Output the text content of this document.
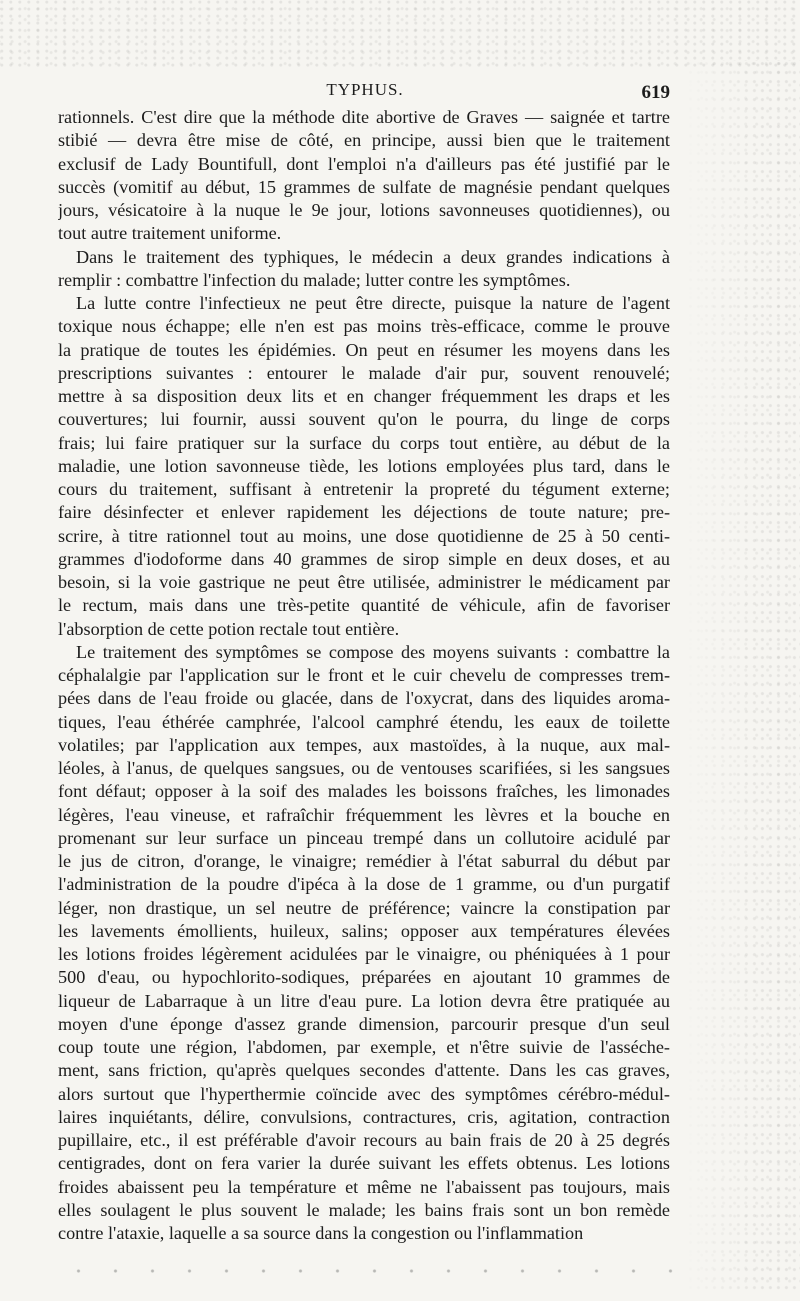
TYPHUS.	619
rationnels. C'est dire que la méthode dite abortive de Graves — saignée et tartre
stibié — devra être mise de côté, en principe, aussi bien que le traitement
exclusif de Lady Bountifull, dont l'emploi n'a d'ailleurs pas été justifié par le
succès (vomitif au début, 15 grammes de sulfate de magnésie pendant quelques
jours, vésicatoire à la nuque le 9e jour, lotions savonneuses quotidiennes), ou
tout autre traitement uniforme.
Dans le traitement des typhiques, le médecin a deux grandes indications à
remplir : combattre l'infection du malade; lutter contre les symptômes.
La lutte contre l'infectieux ne peut être directe, puisque la nature de l'agent
toxique nous échappe; elle n'en est pas moins très-efficace, comme le prouve
la pratique de toutes les épidémies. On peut en résumer les moyens dans les
prescriptions suivantes : entourer le malade d'air pur, souvent renouvelé;
mettre à sa disposition deux lits et en changer fréquemment les draps et les
couvertures; lui fournir, aussi souvent qu'on le pourra, du linge de corps
frais; lui faire pratiquer sur la surface du corps tout entière, au début de la
maladie, une lotion savonneuse tiède, les lotions employées plus tard, dans le
cours du traitement, suffisant à entretenir la propreté du tégument externe;
faire désinfecter et enlever rapidement les déjections de toute nature; pre-
scrire, à titre rationnel tout au moins, une dose quotidienne de 25 à 50 centi-
grammes d'iodoforme dans 40 grammes de sirop simple en deux doses, et au
besoin, si la voie gastrique ne peut être utilisée, administrer le médicament par
le rectum, mais dans une très-petite quantité de véhicule, afin de favoriser
l'absorption de cette potion rectale tout entière.
Le traitement des symptômes se compose des moyens suivants : combattre la
céphalalgie par l'application sur le front et le cuir chevelu de compresses trem-
pées dans de l'eau froide ou glacée, dans de l'oxycrat, dans des liquides aroma-
tiques, l'eau éthérée camphrée, l'alcool camphré étendu, les eaux de toilette
volatiles; par l'application aux tempes, aux mastoïdes, à la nuque, aux mal-
léoles, à l'anus, de quelques sangsues, ou de ventouses scarifiées, si les sangsues
font défaut; opposer à la soif des malades les boissons fraîches, les limonades
légères, l'eau vineuse, et rafraîchir fréquemment les lèvres et la bouche en
promenant sur leur surface un pinceau trempé dans un collutoire acidulé par
le jus de citron, d'orange, le vinaigre; remédier à l'état saburral du début par
l'administration de la poudre d'ipéca à la dose de 1 gramme, ou d'un purgatif
léger, non drastique, un sel neutre de préférence; vaincre la constipation par
les lavements émollients, huileux, salins; opposer aux températures élevées
les lotions froides légèrement acidulées par le vinaigre, ou phéniquées à 1 pour
500 d'eau, ou hypochlorito-sodiques, préparées en ajoutant 10 grammes de
liqueur de Labarraque à un litre d'eau pure. La lotion devra être pratiquée au
moyen d'une éponge d'assez grande dimension, parcourir presque d'un seul
coup toute une région, l'abdomen, par exemple, et n'être suivie de l'asséche-
ment, sans friction, qu'après quelques secondes d'attente. Dans les cas graves,
alors surtout que l'hyperthermie coïncide avec des symptômes cérébro-médul-
laires inquiétants, délire, convulsions, contractures, cris, agitation, contraction
pupillaire, etc., il est préférable d'avoir recours au bain frais de 20 à 25 degrés
centigrades, dont on fera varier la durée suivant les effets obtenus. Les lotions
froides abaissent peu la température et même ne l'abaissent pas toujours, mais
elles soulagent le plus souvent le malade; les bains frais sont un bon remède
contre l'ataxie, laquelle a sa source dans la congestion ou l'inflammation
